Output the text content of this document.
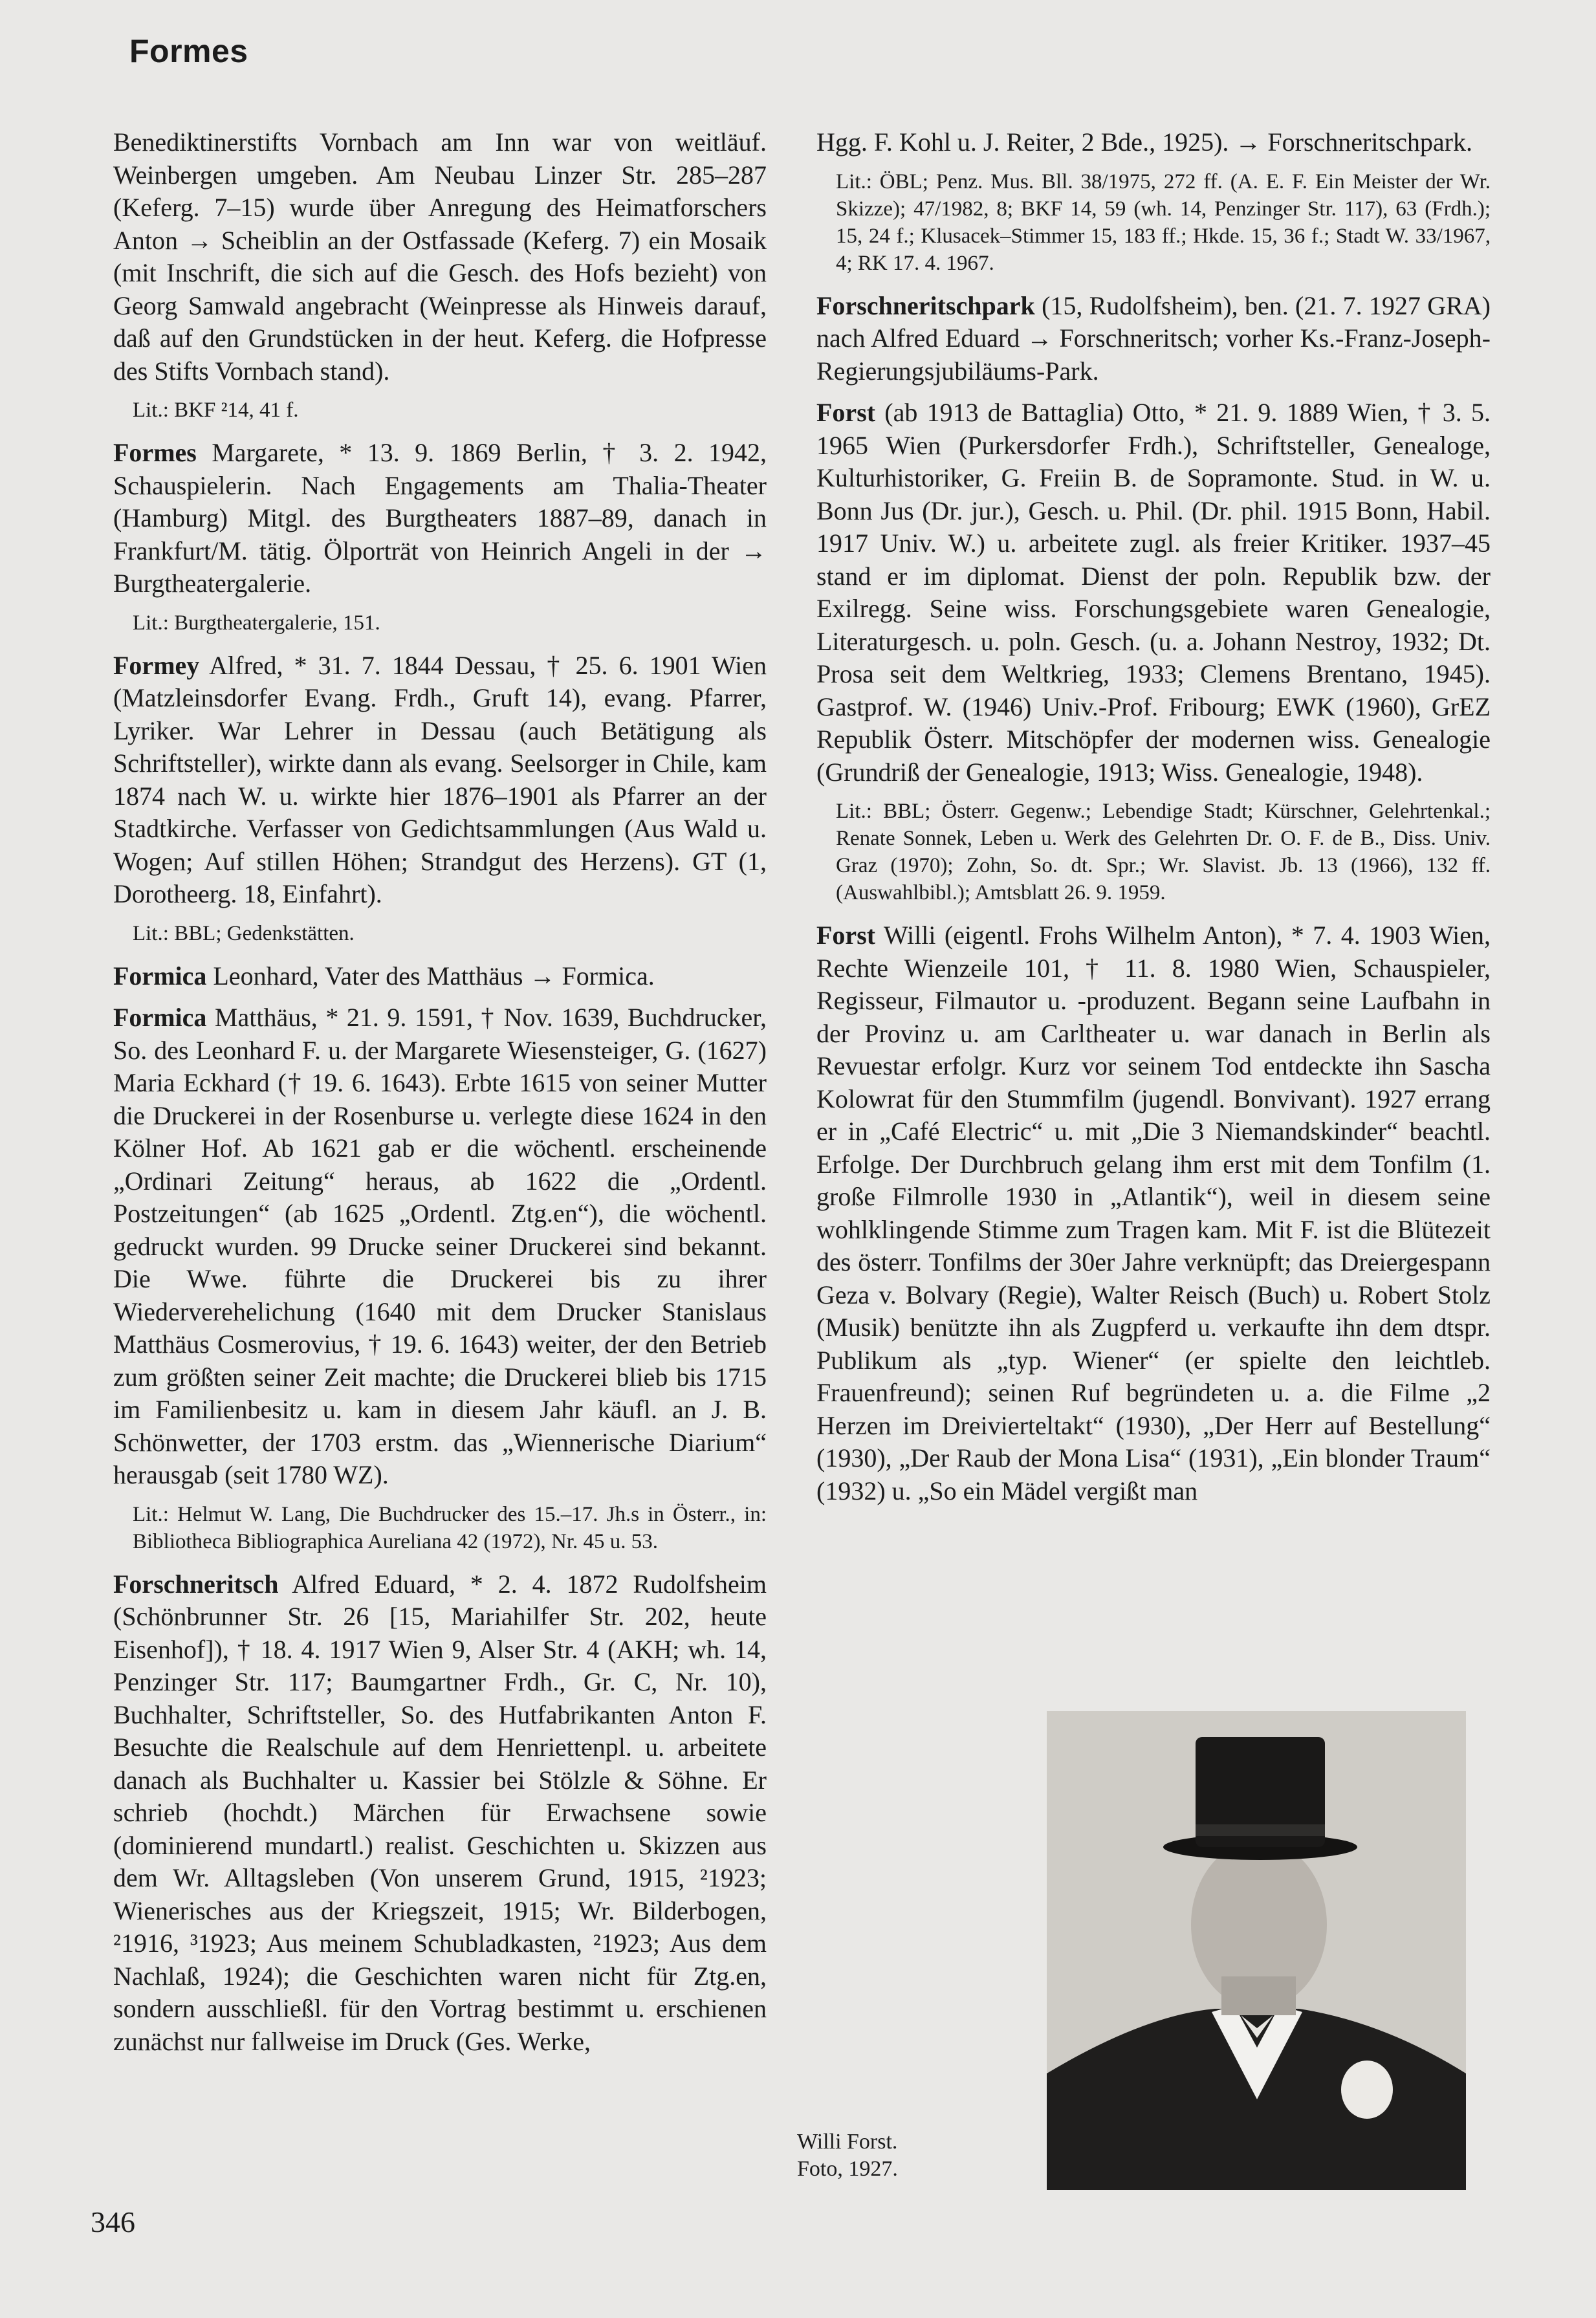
Formes

Benediktinerstifts Vornbach am Inn war von weitläuf. Weinbergen umgeben. Am Neubau Linzer Str. 285–287 (Keferg. 7–15) wurde über Anregung des Heimatforschers Anton → Scheiblin an der Ostfassade (Keferg. 7) ein Mosaik (mit Inschrift, die sich auf die Gesch. des Hofs bezieht) von Georg Samwald angebracht (Weinpresse als Hinweis darauf, daß auf den Grundstücken in der heut. Keferg. die Hofpresse des Stifts Vornbach stand).

Lit.: BKF ²14, 41 f.

Formes Margarete, * 13. 9. 1869 Berlin, † 3. 2. 1942, Schauspielerin. Nach Engagements am Thalia-Theater (Hamburg) Mitgl. des Burgtheaters 1887–89, danach in Frankfurt/M. tätig. Ölporträt von Heinrich Angeli in der → Burgtheatergalerie.

Lit.: Burgtheatergalerie, 151.

Formey Alfred, * 31. 7. 1844 Dessau, † 25. 6. 1901 Wien (Matzleinsdorfer Evang. Frdh., Gruft 14), evang. Pfarrer, Lyriker. War Lehrer in Dessau (auch Betätigung als Schriftsteller), wirkte dann als evang. Seelsorger in Chile, kam 1874 nach W. u. wirkte hier 1876–1901 als Pfarrer an der Stadtkirche. Verfasser von Gedichtsammlungen (Aus Wald u. Wogen; Auf stillen Höhen; Strandgut des Herzens). GT (1, Dorotheerg. 18, Einfahrt).

Lit.: BBL; Gedenkstätten.

Formica Leonhard, Vater des Matthäus → Formica.

Formica Matthäus, * 21. 9. 1591, † Nov. 1639, Buchdrucker, So. des Leonhard F. u. der Margarete Wiesensteiger, G. (1627) Maria Eckhard († 19. 6. 1643). Erbte 1615 von seiner Mutter die Druckerei in der Rosenburse u. verlegte diese 1624 in den Kölner Hof. Ab 1621 gab er die wöchentl. erscheinende „Ordinari Zeitung“ heraus, ab 1622 die „Ordentl. Postzeitungen“ (ab 1625 „Ordentl. Ztg.en“), die wöchentl. gedruckt wurden. 99 Drucke seiner Druckerei sind bekannt. Die Wwe. führte die Druckerei bis zu ihrer Wiederverehelichung (1640 mit dem Drucker Stanislaus Matthäus Cosmerovius, † 19. 6. 1643) weiter, der den Betrieb zum größten seiner Zeit machte; die Druckerei blieb bis 1715 im Familienbesitz u. kam in diesem Jahr käufl. an J. B. Schönwetter, der 1703 erstm. das „Wiennerische Diarium“ herausgab (seit 1780 WZ).

Lit.: Helmut W. Lang, Die Buchdrucker des 15.–17. Jh.s in Österr., in: Bibliotheca Bibliographica Aureliana 42 (1972), Nr. 45 u. 53.

Forschneritsch Alfred Eduard, * 2. 4. 1872 Rudolfsheim (Schönbrunner Str. 26 [15, Mariahilfer Str. 202, heute Eisenhof]), † 18. 4. 1917 Wien 9, Alser Str. 4 (AKH; wh. 14, Penzinger Str. 117; Baumgartner Frdh., Gr. C, Nr. 10), Buchhalter, Schriftsteller, So. des Hutfabrikanten Anton F. Besuchte die Realschule auf dem Henriettenpl. u. arbeitete danach als Buchhalter u. Kassier bei Stölzle & Söhne. Er schrieb (hochdt.) Märchen für Erwachsene sowie (dominierend mundartl.) realist. Geschichten u. Skizzen aus dem Wr. Alltagsleben (Von unserem Grund, 1915, ²1923; Wienerisches aus der Kriegszeit, 1915; Wr. Bilderbogen, ²1916, ³1923; Aus meinem Schubladkasten, ²1923; Aus dem Nachlaß, 1924); die Geschichten waren nicht für Ztg.en, sondern ausschließl. für den Vortrag bestimmt u. erschienen zunächst nur fallweise im Druck (Ges. Werke,

Hgg. F. Kohl u. J. Reiter, 2 Bde., 1925). → Forschneritschpark.

Lit.: ÖBL; Penz. Mus. Bll. 38/1975, 272 ff. (A. E. F. Ein Meister der Wr. Skizze); 47/1982, 8; BKF 14, 59 (wh. 14, Penzinger Str. 117), 63 (Frdh.); 15, 24 f.; Klusacek–Stimmer 15, 183 ff.; Hkde. 15, 36 f.; Stadt W. 33/1967, 4; RK 17. 4. 1967.

Forschneritschpark (15, Rudolfsheim), ben. (21. 7. 1927 GRA) nach Alfred Eduard → Forschneritsch; vorher Ks.-Franz-Joseph-Regierungsjubiläums-Park.

Forst (ab 1913 de Battaglia) Otto, * 21. 9. 1889 Wien, † 3. 5. 1965 Wien (Purkersdorfer Frdh.), Schriftsteller, Genealoge, Kulturhistoriker, G. Freiin B. de Sopramonte. Stud. in W. u. Bonn Jus (Dr. jur.), Gesch. u. Phil. (Dr. phil. 1915 Bonn, Habil. 1917 Univ. W.) u. arbeitete zugl. als freier Kritiker. 1937–45 stand er im diplomat. Dienst der poln. Republik bzw. der Exilregg. Seine wiss. Forschungsgebiete waren Genealogie, Literaturgesch. u. poln. Gesch. (u. a. Johann Nestroy, 1932; Dt. Prosa seit dem Weltkrieg, 1933; Clemens Brentano, 1945). Gastprof. W. (1946) Univ.-Prof. Fribourg; EWK (1960), GrEZ Republik Österr. Mitschöpfer der modernen wiss. Genealogie (Grundriß der Genealogie, 1913; Wiss. Genealogie, 1948).

Lit.: BBL; Österr. Gegenw.; Lebendige Stadt; Kürschner, Gelehrtenkal.; Renate Sonnek, Leben u. Werk des Gelehrten Dr. O. F. de B., Diss. Univ. Graz (1970); Zohn, So. dt. Spr.; Wr. Slavist. Jb. 13 (1966), 132 ff. (Auswahlbibl.); Amtsblatt 26. 9. 1959.

Forst Willi (eigentl. Frohs Wilhelm Anton), * 7. 4. 1903 Wien, Rechte Wienzeile 101, † 11. 8. 1980 Wien, Schauspieler, Regisseur, Filmautor u. -produzent. Begann seine Laufbahn in der Provinz u. am Carltheater u. war danach in Berlin als Revuestar erfolgr. Kurz vor seinem Tod entdeckte ihn Sascha Kolowrat für den Stummfilm (jugendl. Bonvivant). 1927 errang er in „Café Electric“ u. mit „Die 3 Niemandskinder“ beachtl. Erfolge. Der Durchbruch gelang ihm erst mit dem Tonfilm (1. große Filmrolle 1930 in „Atlantik“), weil in diesem seine wohlklingende Stimme zum Tragen kam. Mit F. ist die Blütezeit des österr. Tonfilms der 30er Jahre verknüpft; das Dreiergespann Geza v. Bolvary (Regie), Walter Reisch (Buch) u. Robert Stolz (Musik) benützte ihn als Zugpferd u. verkaufte ihn dem dtspr. Publikum als „typ. Wiener“ (er spielte den leichtleb. Frauenfreund); seinen Ruf begründeten u. a. die Filme „2 Herzen im Dreivierteltakt“ (1930), „Der Herr auf Bestellung“ (1930), „Der Raub der Mona Lisa“ (1931), „Ein blonder Traum“ (1932) u. „So ein Mädel vergißt man

Willi Forst.
Foto, 1927.
346
